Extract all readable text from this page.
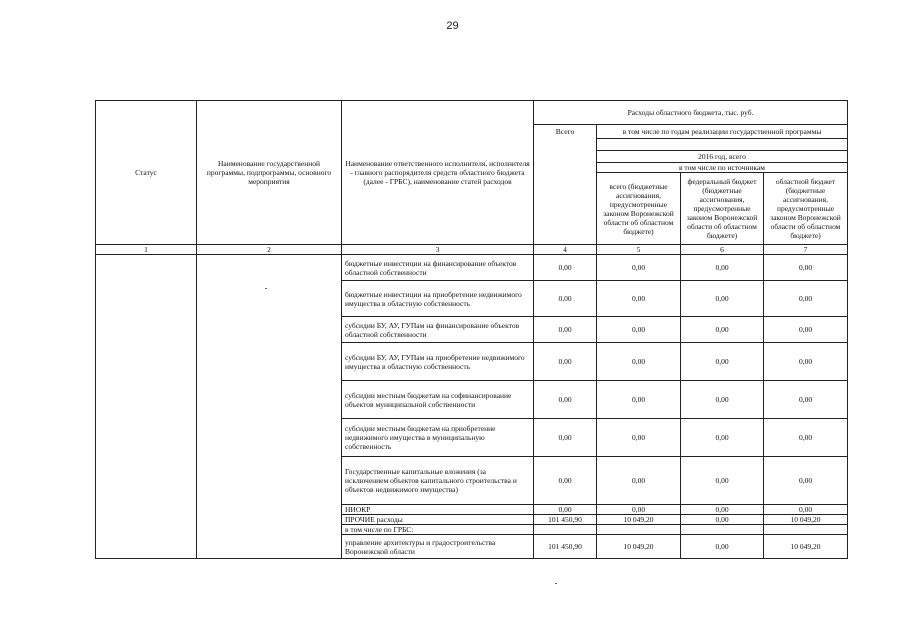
29
Статус	Наименование государственной программы, подпрограммы, основного мероприятия	Наименование ответственного исполнителя, исполнителя - главного распорядителя средств областного бюджета (далее - ГРБС), наименование статей расходов	Расходы областного бюджета, тыс. руб.			
			Всего	в том числе по годам реализации государственной программы		

				2016 год, всего		
				в том числе по источникам		
				всего (бюджетные ассигнования, предусмотренные законом Воронежской области об областном бюджете)	федеральный бюджет (бюджетные ассигнования, предусмотренные законом Воронежской области об областном бюджете)	областной бюджет (бюджетные ассигнования, предусмотренные законом Воронежской области об областном бюджете)
1	2	3	4	5	6	7
		бюджетные инвестиции на финансирование объектов областной собственности	0,00	0,00	0,00	0,00
		бюджетные инвестиции на приобретение недвижимого имущества в областную собственность	0,00	0,00	0,00	0,00
		субсидии БУ, АУ, ГУПам на финансирование объектов областной собственности	0,00	0,00	0,00	0,00
		субсидии БУ, АУ, ГУПам на приобретение недвижимого имущества в областную собственность	0,00	0,00	0,00	0,00
		субсидии местным бюджетам на софинансирование объектов муниципальной собственности	0,00	0,00	0,00	0,00
		субсидии местным бюджетам на приобретение недвижимого имущества в муниципальную собственность	0,00	0,00	0,00	0,00
		Государственные капитальные вложения (за исключением объектов капитального строительства и объектов недвижимого имущества)	0,00	0,00	0,00	0,00
		НИОКР	0,00	0,00	0,00	0,00
		ПРОЧИЕ расходы	101 450,90	10 049,20	0,00	10 049,20
		в том числе по ГРБС:				
		управление архитектуры и градостроительства Воронежской области	101 450,90	10 049,20	0,00	10 049,20
